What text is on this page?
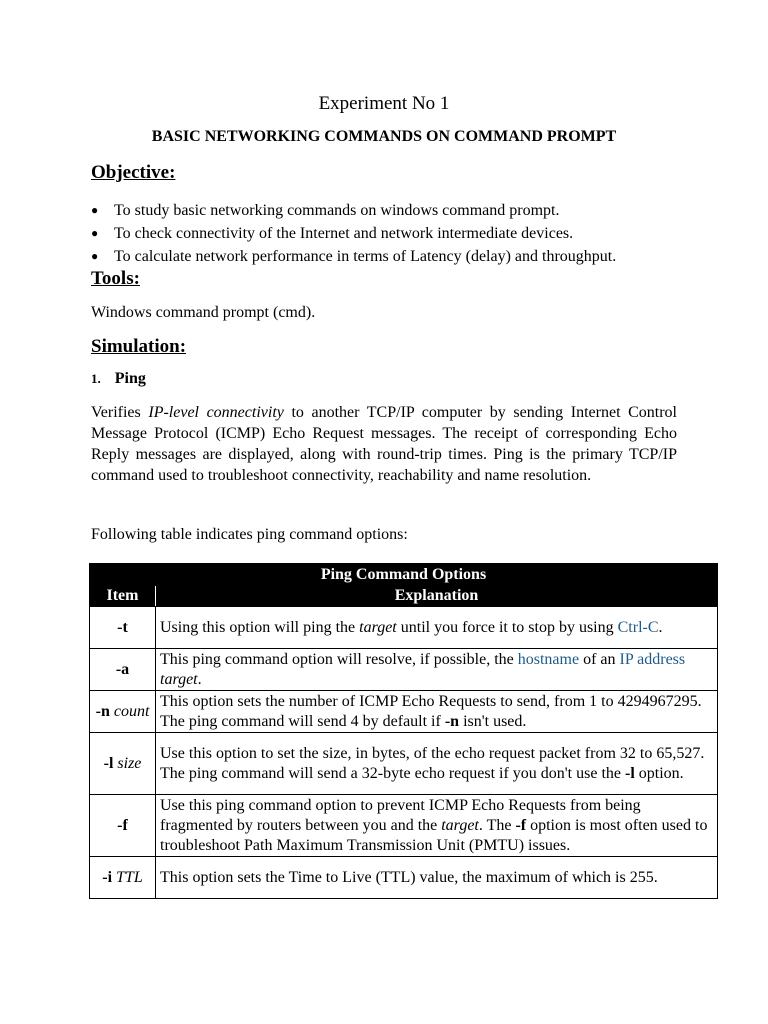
Experiment No 1
BASIC NETWORKING COMMANDS ON COMMAND PROMPT
Objective:
● To study basic networking commands on windows command prompt.
● To check connectivity of the Internet and network intermediate devices.
● To calculate network performance in terms of Latency (delay) and throughput.
Tools:
Windows command prompt (cmd).
Simulation:
1. Ping
Verifies IP-level connectivity to another TCP/IP computer by sending Internet Control Message Protocol (ICMP) Echo Request messages. The receipt of corresponding Echo Reply messages are displayed, along with round-trip times. Ping is the primary TCP/IP command used to troubleshoot connectivity, reachability and name resolution.
Following table indicates ping command options:
Ping Command Options	
Item	Explanation
-t	Using this option will ping the target until you force it to stop by using Ctrl-C.
-a	This ping command option will resolve, if possible, the hostname of an IP address target.
-n count	This option sets the number of ICMP Echo Requests to send, from 1 to 4294967295. The ping command will send 4 by default if -n isn't used.
-l size	Use this option to set the size, in bytes, of the echo request packet from 32 to 65,527. The ping command will send a 32-byte echo request if you don't use the -l option.
-f	Use this ping command option to prevent ICMP Echo Requests from being fragmented by routers between you and the target. The -f option is most often used to troubleshoot Path Maximum Transmission Unit (PMTU) issues.
-i TTL	This option sets the Time to Live (TTL) value, the maximum of which is 255.
